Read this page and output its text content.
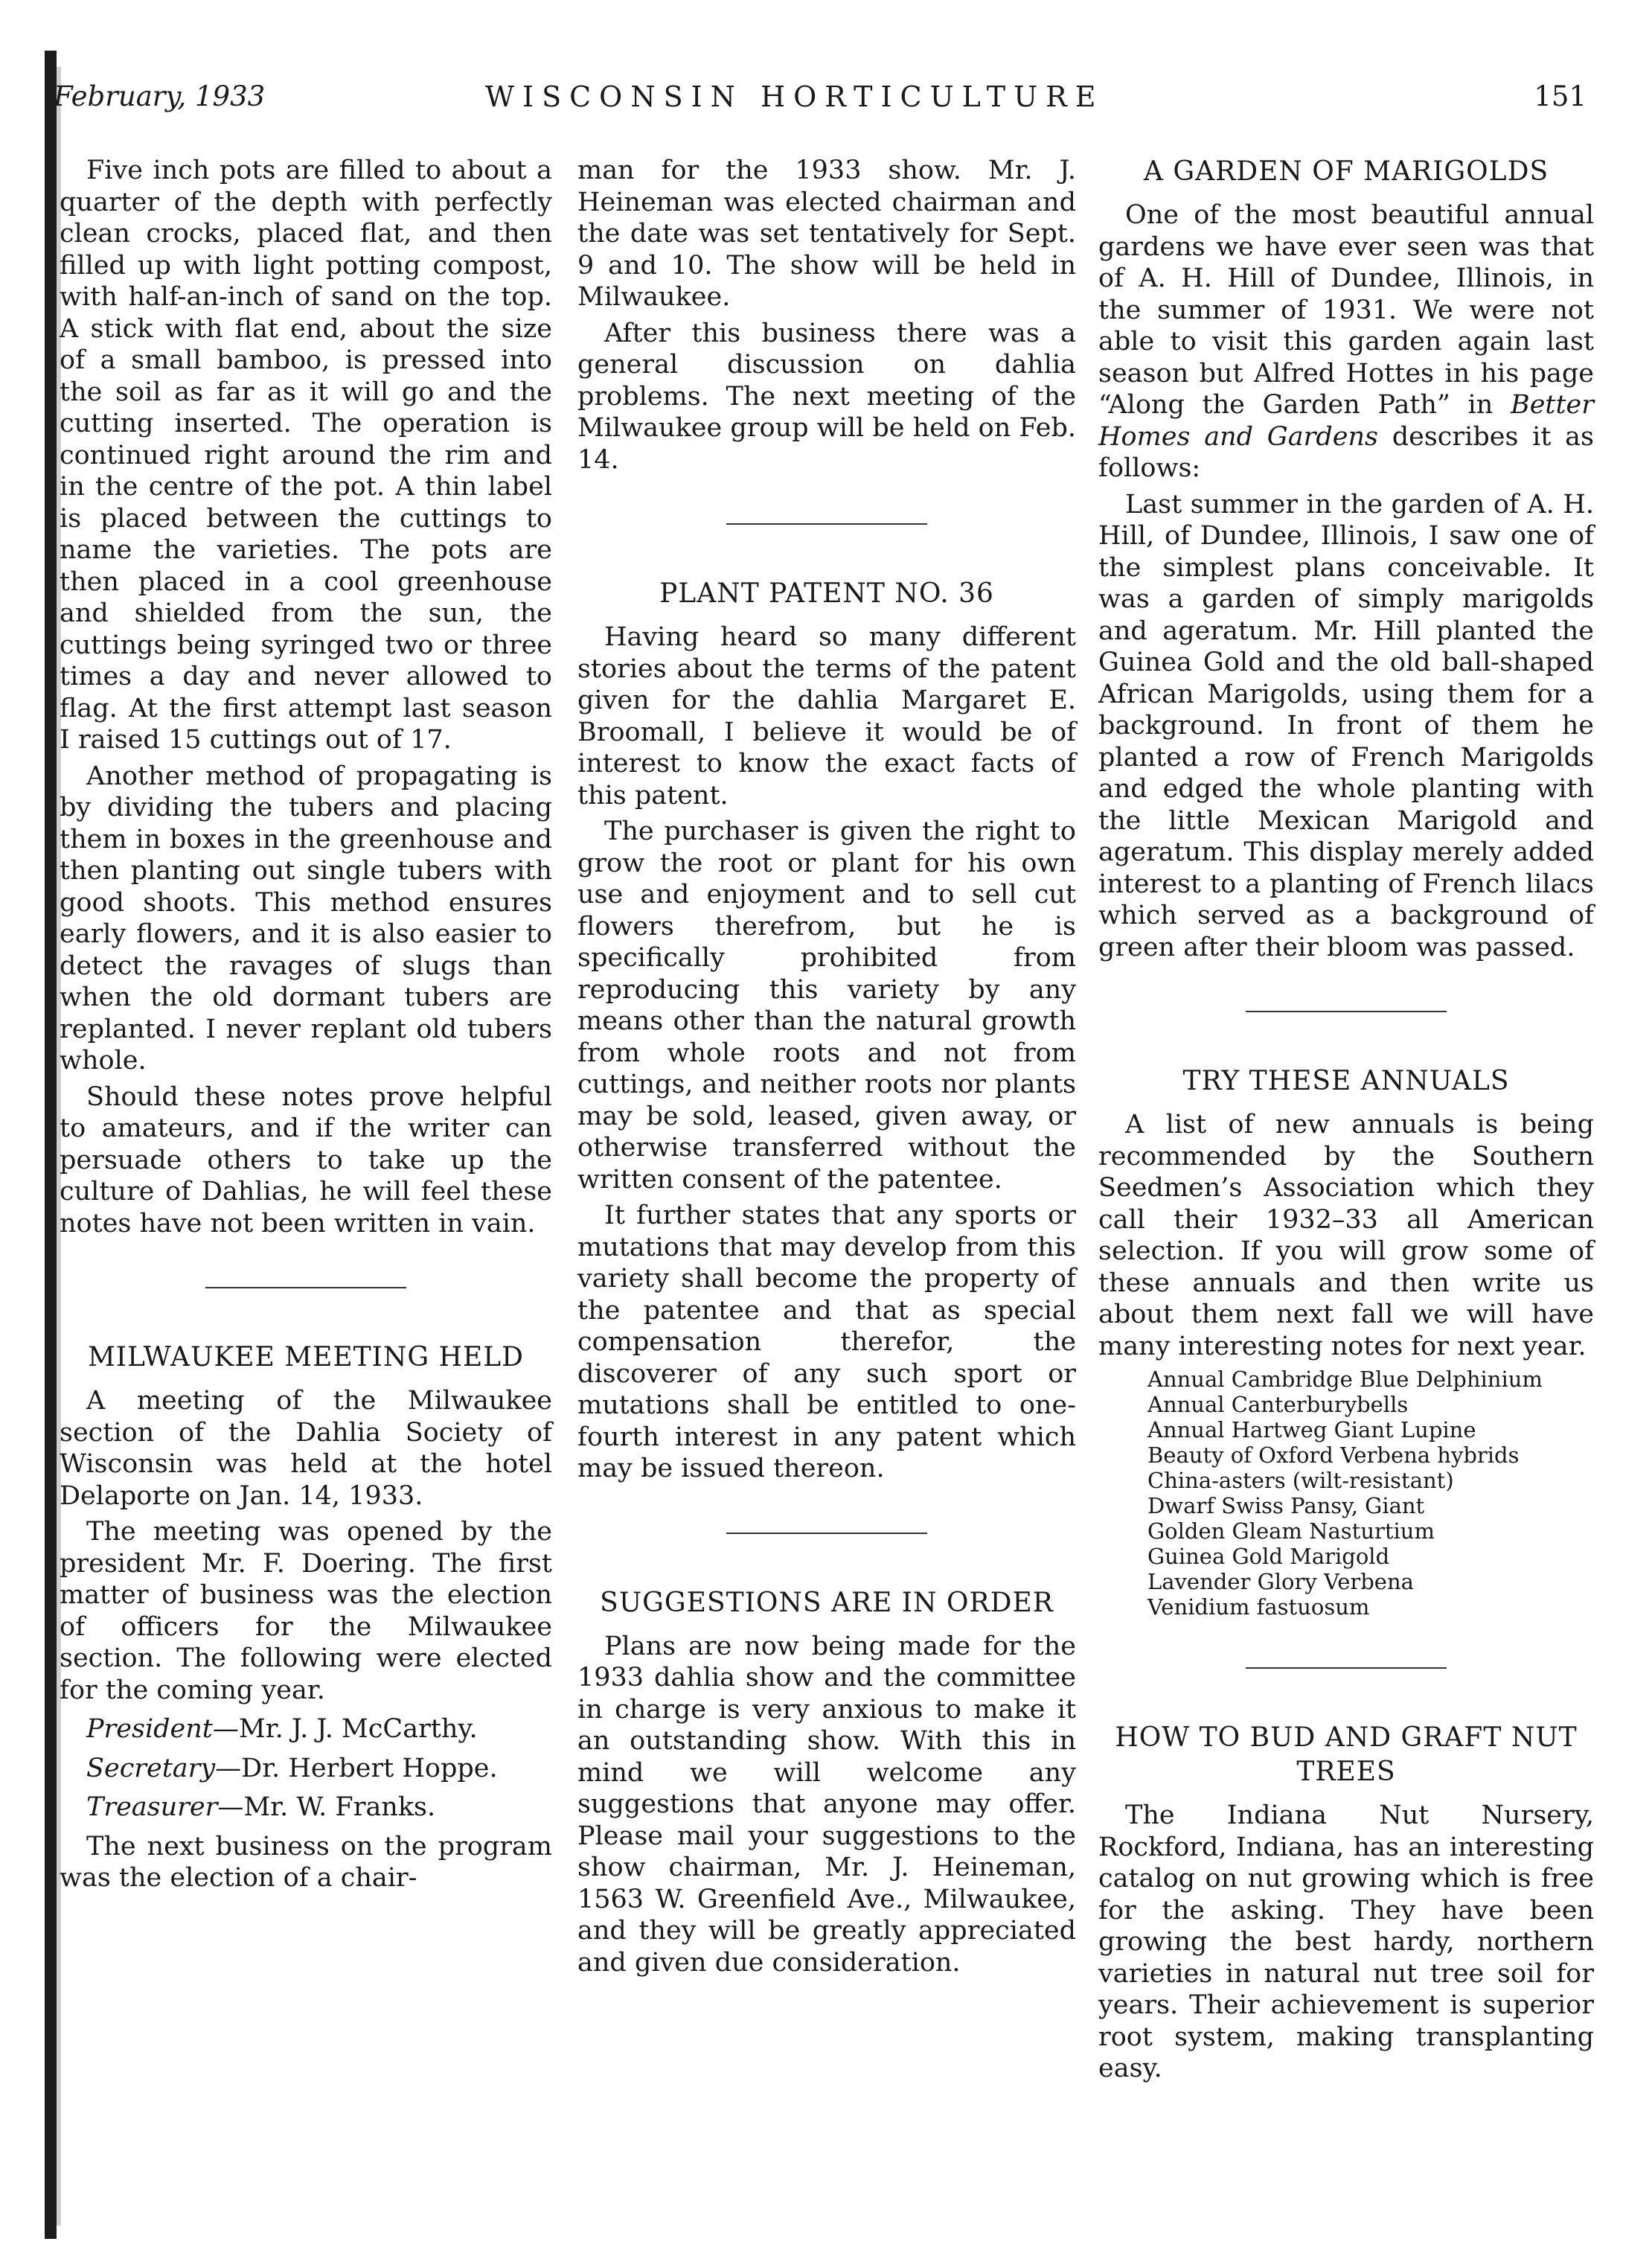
February, 1933	WISCONSIN HORTICULTURE	151

Five inch pots are filled to about a quarter of the depth with perfectly clean crocks, placed flat, and then filled up with light potting compost, with half-an-inch of sand on the top. A stick with flat end, about the size of a small bamboo, is pressed into the soil as far as it will go and the cutting inserted. The operation is continued right around the rim and in the centre of the pot. A thin label is placed between the cuttings to name the varieties. The pots are then placed in a cool greenhouse and shielded from the sun, the cuttings being syringed two or three times a day and never allowed to flag. At the first attempt last season I raised 15 cuttings out of 17.

Another method of propagating is by dividing the tubers and placing them in boxes in the greenhouse and then planting out single tubers with good shoots. This method ensures early flowers, and it is also easier to detect the ravages of slugs than when the old dormant tubers are replanted. I never replant old tubers whole.

Should these notes prove helpful to amateurs, and if the writer can persuade others to take up the culture of Dahlias, he will feel these notes have not been written in vain.

MILWAUKEE MEETING HELD

A meeting of the Milwaukee section of the Dahlia Society of Wisconsin was held at the hotel Delaporte on Jan. 14, 1933.

The meeting was opened by the president Mr. F. Doering. The first matter of business was the election of officers for the Milwaukee section. The following were elected for the coming year.

President—Mr. J. J. McCarthy.

Secretary—Dr. Herbert Hoppe.

Treasurer—Mr. W. Franks.

The next business on the program was the election of a chair-

man for the 1933 show. Mr. J. Heineman was elected chairman and the date was set tentatively for Sept. 9 and 10. The show will be held in Milwaukee.

After this business there was a general discussion on dahlia problems. The next meeting of the Milwaukee group will be held on Feb. 14.

PLANT PATENT NO. 36

Having heard so many different stories about the terms of the patent given for the dahlia Margaret E. Broomall, I believe it would be of interest to know the exact facts of this patent.

The purchaser is given the right to grow the root or plant for his own use and enjoyment and to sell cut flowers therefrom, but he is specifically prohibited from reproducing this variety by any means other than the natural growth from whole roots and not from cuttings, and neither roots nor plants may be sold, leased, given away, or otherwise transferred without the written consent of the patentee.

It further states that any sports or mutations that may develop from this variety shall become the property of the patentee and that as special compensation therefor, the discoverer of any such sport or mutations shall be entitled to one-fourth interest in any patent which may be issued thereon.

SUGGESTIONS ARE IN ORDER

Plans are now being made for the 1933 dahlia show and the committee in charge is very anxious to make it an outstanding show. With this in mind we will welcome any suggestions that anyone may offer. Please mail your suggestions to the show chairman, Mr. J. Heineman, 1563 W. Greenfield Ave., Milwaukee, and they will be greatly appreciated and given due consideration.

A GARDEN OF MARIGOLDS

One of the most beautiful annual gardens we have ever seen was that of A. H. Hill of Dundee, Illinois, in the summer of 1931. We were not able to visit this garden again last season but Alfred Hottes in his page “Along the Garden Path” in Better Homes and Gardens describes it as follows:

Last summer in the garden of A. H. Hill, of Dundee, Illinois, I saw one of the simplest plans conceivable. It was a garden of simply marigolds and ageratum. Mr. Hill planted the Guinea Gold and the old ball-shaped African Marigolds, using them for a background. In front of them he planted a row of French Marigolds and edged the whole planting with the little Mexican Marigold and ageratum. This display merely added interest to a planting of French lilacs which served as a background of green after their bloom was passed.

TRY THESE ANNUALS

A list of new annuals is being recommended by the Southern Seedmen’s Association which they call their 1932–33 all American selection. If you will grow some of these annuals and then write us about them next fall we will have many interesting notes for next year.

Annual Cambridge Blue Delphinium
Annual Canterburybells
Annual Hartweg Giant Lupine
Beauty of Oxford Verbena hybrids
China-asters (wilt-resistant)
Dwarf Swiss Pansy, Giant
Golden Gleam Nasturtium
Guinea Gold Marigold
Lavender Glory Verbena
Venidium fastuosum
HOW TO BUD AND GRAFT NUT TREES

The Indiana Nut Nursery, Rockford, Indiana, has an interesting catalog on nut growing which is free for the asking. They have been growing the best hardy, northern varieties in natural nut tree soil for years. Their achievement is superior root system, making transplanting easy.
